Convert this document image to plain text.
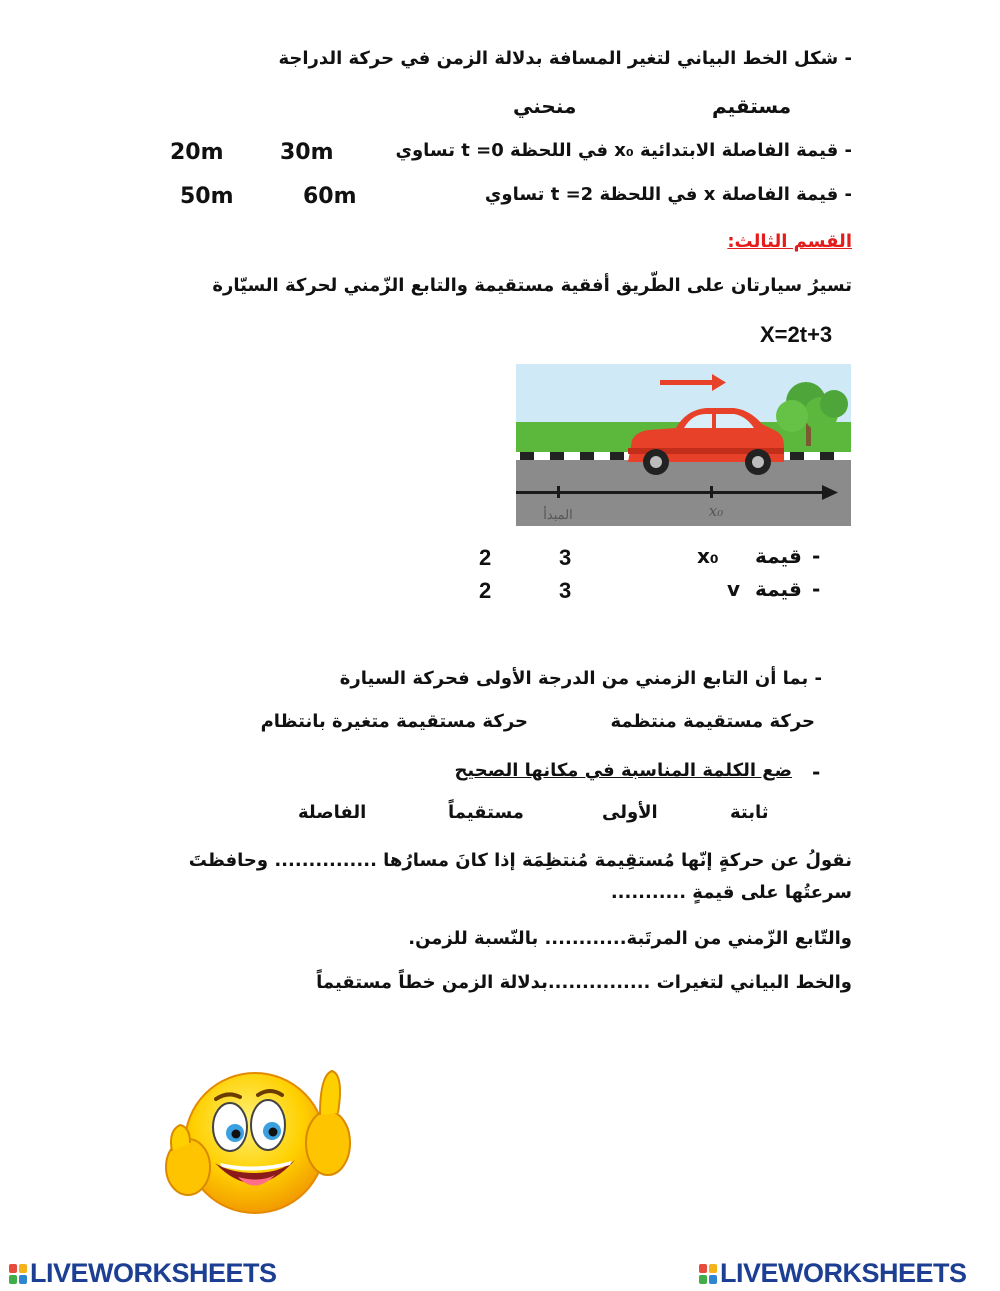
- شكل الخط البياني لتغير المسافة بدلالة الزمن في حركة الدراجة
مستقيم
منحني
- قيمة الفاصلة الابتدائية x₀ في اللحظة t =0 تساوي
30m
20m
- قيمة الفاصلة x في اللحظة t =2 تساوي
60m
50m
القسم الثالث:
تسيرُ سيارتان على الطّريق أفقية مستقيمة والتابع الزّمني لحركة السيّارة
X=2t+3
المبدأ	x₀
-
قيمة
x₀
3
2
-
قيمة
v
3
2
- بما أن التابع الزمني من الدرجة الأولى فحركة السيارة
حركة مستقيمة منتظمة
حركة مستقيمة متغيرة بانتظام
-
ضع الكلمة المناسبة في مكانها الصحيح
ثابتة
الأولى
مستقيماً
الفاصلة
نقولُ عن حركةٍ إنّها مُستقِيمة مُنتظِمَة إذا كانَ مسارُها ............... وحافظتَ
سرعتُها على قيمةٍ ...........
والتّابع الزّمني من المرتَبة............ بالنّسبة للزمن.
والخط البياني لتغيرات ...............بدلالة الزمن خطاً مستقيماً
LIVEWORKSHEETS	LIVEWORKSHEETS
